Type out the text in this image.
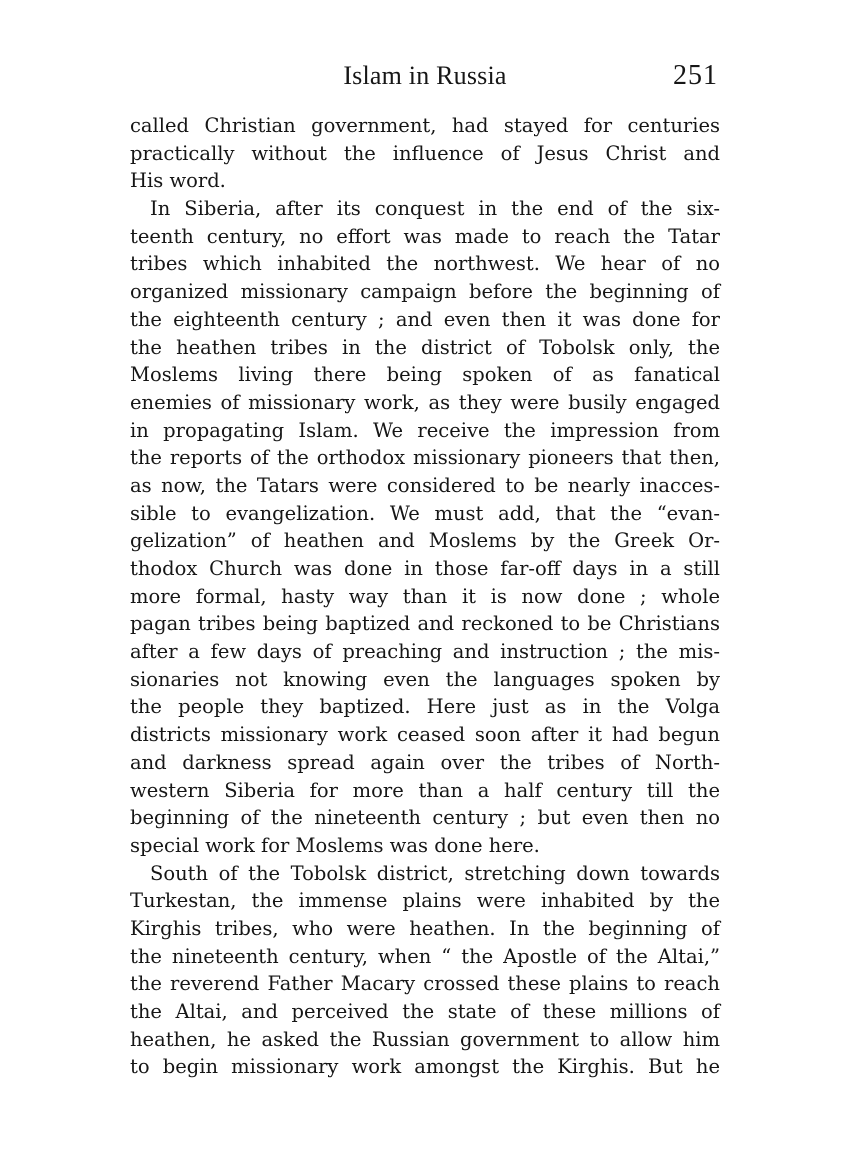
Islam in Russia	251
called Christian government, had stayed for centuries
practically without the influence of Jesus Christ and
His word.
In Siberia, after its conquest in the end of the six-
teenth century, no effort was made to reach the Tatar
tribes which inhabited the northwest. We hear of no
organized missionary campaign before the beginning of
the eighteenth century ; and even then it was done for
the heathen tribes in the district of Tobolsk only, the
Moslems living there being spoken of as fanatical
enemies of missionary work, as they were busily engaged
in propagating Islam. We receive the impression from
the reports of the orthodox missionary pioneers that then,
as now, the Tatars were considered to be nearly inacces-
sible to evangelization. We must add, that the “evan-
gelization” of heathen and Moslems by the Greek Or-
thodox Church was done in those far-off days in a still
more formal, hasty way than it is now done ; whole
pagan tribes being baptized and reckoned to be Christians
after a few days of preaching and instruction ; the mis-
sionaries not knowing even the languages spoken by
the people they baptized. Here just as in the Volga
districts missionary work ceased soon after it had begun
and darkness spread again over the tribes of North-
western Siberia for more than a half century till the
beginning of the nineteenth century ; but even then no
special work for Moslems was done here.
South of the Tobolsk district, stretching down towards
Turkestan, the immense plains were inhabited by the
Kirghis tribes, who were heathen. In the beginning of
the nineteenth century, when “ the Apostle of the Altai,”
the reverend Father Macary crossed these plains to reach
the Altai, and perceived the state of these millions of
heathen, he asked the Russian government to allow him
to begin missionary work amongst the Kirghis. But he
